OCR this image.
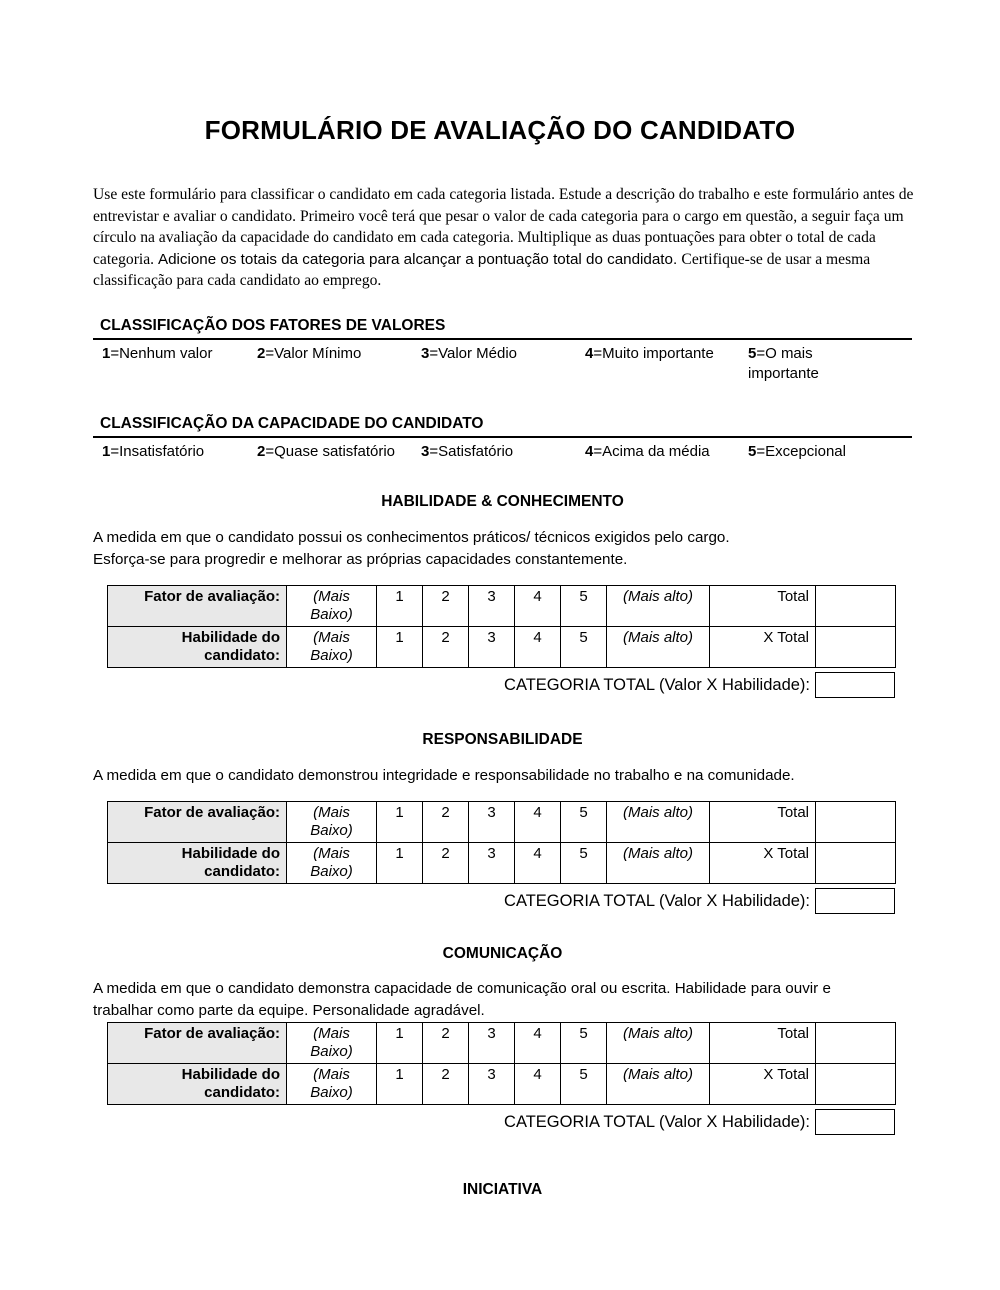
FORMULÁRIO DE AVALIAÇÃO DO CANDIDATO

Use este formulário para classificar o candidato em cada categoria listada. Estude a descrição do trabalho e este formulário antes de entrevistar e avaliar o candidato. Primeiro você terá que pesar o valor de cada categoria para o cargo em questão, a seguir faça um círculo na avaliação da capacidade do candidato em cada categoria. Multiplique as duas pontuações para obter o total de cada categoria. Adicione os totais da categoria para alcançar a pontuação total do candidato. Certifique-se de usar a mesma classificação para cada candidato ao emprego.

CLASSIFICAÇÃO DOS FATORES DE VALORES
1=Nenhum valor	2=Valor Mínimo	3=Valor Médio	4=Muito importante	5=O mais importante
CLASSIFICAÇÃO DA CAPACIDADE DO CANDIDATO
1=Insatisfatório	2=Quase satisfatório	3=Satisfatório	4=Acima da média	5=Excepcional
HABILIDADE & CONHECIMENTO
A medida em que o candidato possui os conhecimentos práticos/ técnicos exigidos pelo cargo.
Esforça-se para progredir e melhorar as próprias capacidades constantemente.
Fator de avaliação:	(Mais Baixo)	1	2	3	4	5	(Mais alto)	Total	
Habilidade do candidato:	(Mais Baixo)	1	2	3	4	5	(Mais alto)	X Total	
CATEGORIA TOTAL (Valor X Habilidade):
RESPONSABILIDADE
A medida em que o candidato demonstrou integridade e responsabilidade no trabalho e na comunidade.
Fator de avaliação:	(Mais Baixo)	1	2	3	4	5	(Mais alto)	Total	
Habilidade do candidato:	(Mais Baixo)	1	2	3	4	5	(Mais alto)	X Total	
CATEGORIA TOTAL (Valor X Habilidade):
COMUNICAÇÃO
A medida em que o candidato demonstra capacidade de comunicação oral ou escrita. Habilidade para ouvir e
trabalhar como parte da equipe. Personalidade agradável.
Fator de avaliação:	(Mais Baixo)	1	2	3	4	5	(Mais alto)	Total	
Habilidade do candidato:	(Mais Baixo)	1	2	3	4	5	(Mais alto)	X Total	
CATEGORIA TOTAL (Valor X Habilidade):
INICIATIVA
